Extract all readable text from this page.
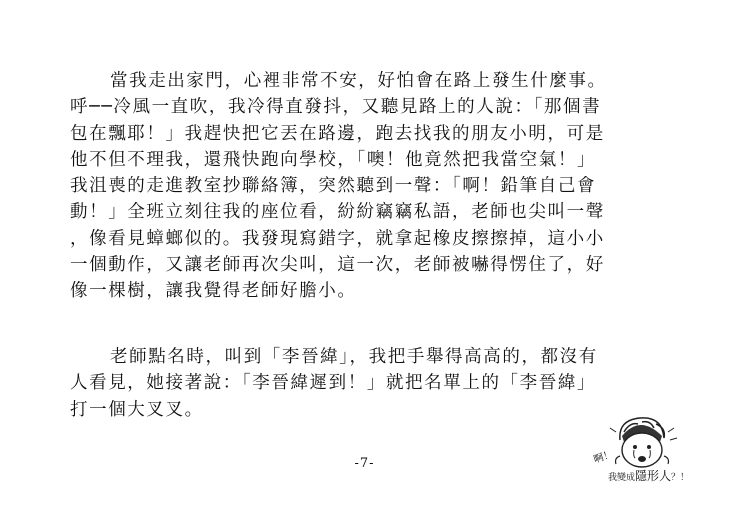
當我走出家門，心裡非常不安，好怕會在路上發生什麼事。
呼──冷風一直吹，我冷得直發抖，又聽見路上的人說：「那個書
包在飄耶！」我趕快把它丟在路邊，跑去找我的朋友小明，可是
他不但不理我，還飛快跑向學校，「噢！他竟然把我當空氣！」
我沮喪的走進教室抄聯絡簿，突然聽到一聲：「啊！鉛筆自己會
動！」全班立刻往我的座位看，紛紛竊竊私語，老師也尖叫一聲
，像看見蟑螂似的。我發現寫錯字，就拿起橡皮擦擦掉，這小小
一個動作，又讓老師再次尖叫，這一次，老師被嚇得愣住了，好
像一棵樹，讓我覺得老師好膽小。
老師點名時，叫到「李晉緯」，我把手舉得高高的，都沒有
人看見，她接著說：「李晉緯遲到！」就把名單上的「李晉緯」
打一個大叉叉。
啊！
我變成隱形人？！
-7-
